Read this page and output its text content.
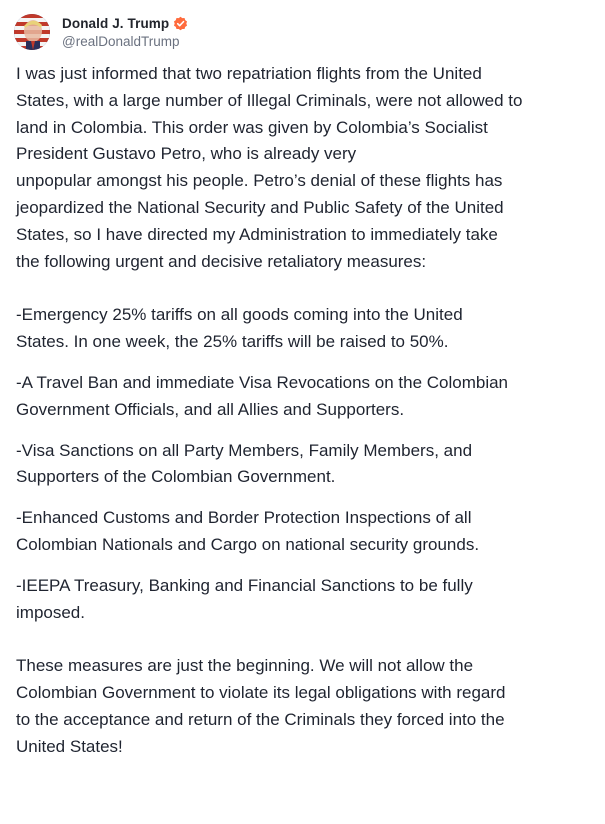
Donald J. Trump
@realDonaldTrump

I was just informed that two repatriation flights from the United
States, with a large number of Illegal Criminals, were not allowed to
land in Colombia. This order was given by Colombia’s Socialist
President Gustavo Petro, who is already very
unpopular amongst his people. Petro’s denial of these flights has
jeopardized the National Security and Public Safety of the United
States, so I have directed my Administration to immediately take
the following urgent and decisive retaliatory measures:

-Emergency 25% tariffs on all goods coming into the United
States. In one week, the 25% tariffs will be raised to 50%.

-A Travel Ban and immediate Visa Revocations on the Colombian
Government Officials, and all Allies and Supporters.

-Visa Sanctions on all Party Members, Family Members, and
Supporters of the Colombian Government.

-Enhanced Customs and Border Protection Inspections of all
Colombian Nationals and Cargo on national security grounds.

-IEEPA Treasury, Banking and Financial Sanctions to be fully
imposed.

These measures are just the beginning. We will not allow the
Colombian Government to violate its legal obligations with regard
to the acceptance and return of the Criminals they forced into the
United States!
